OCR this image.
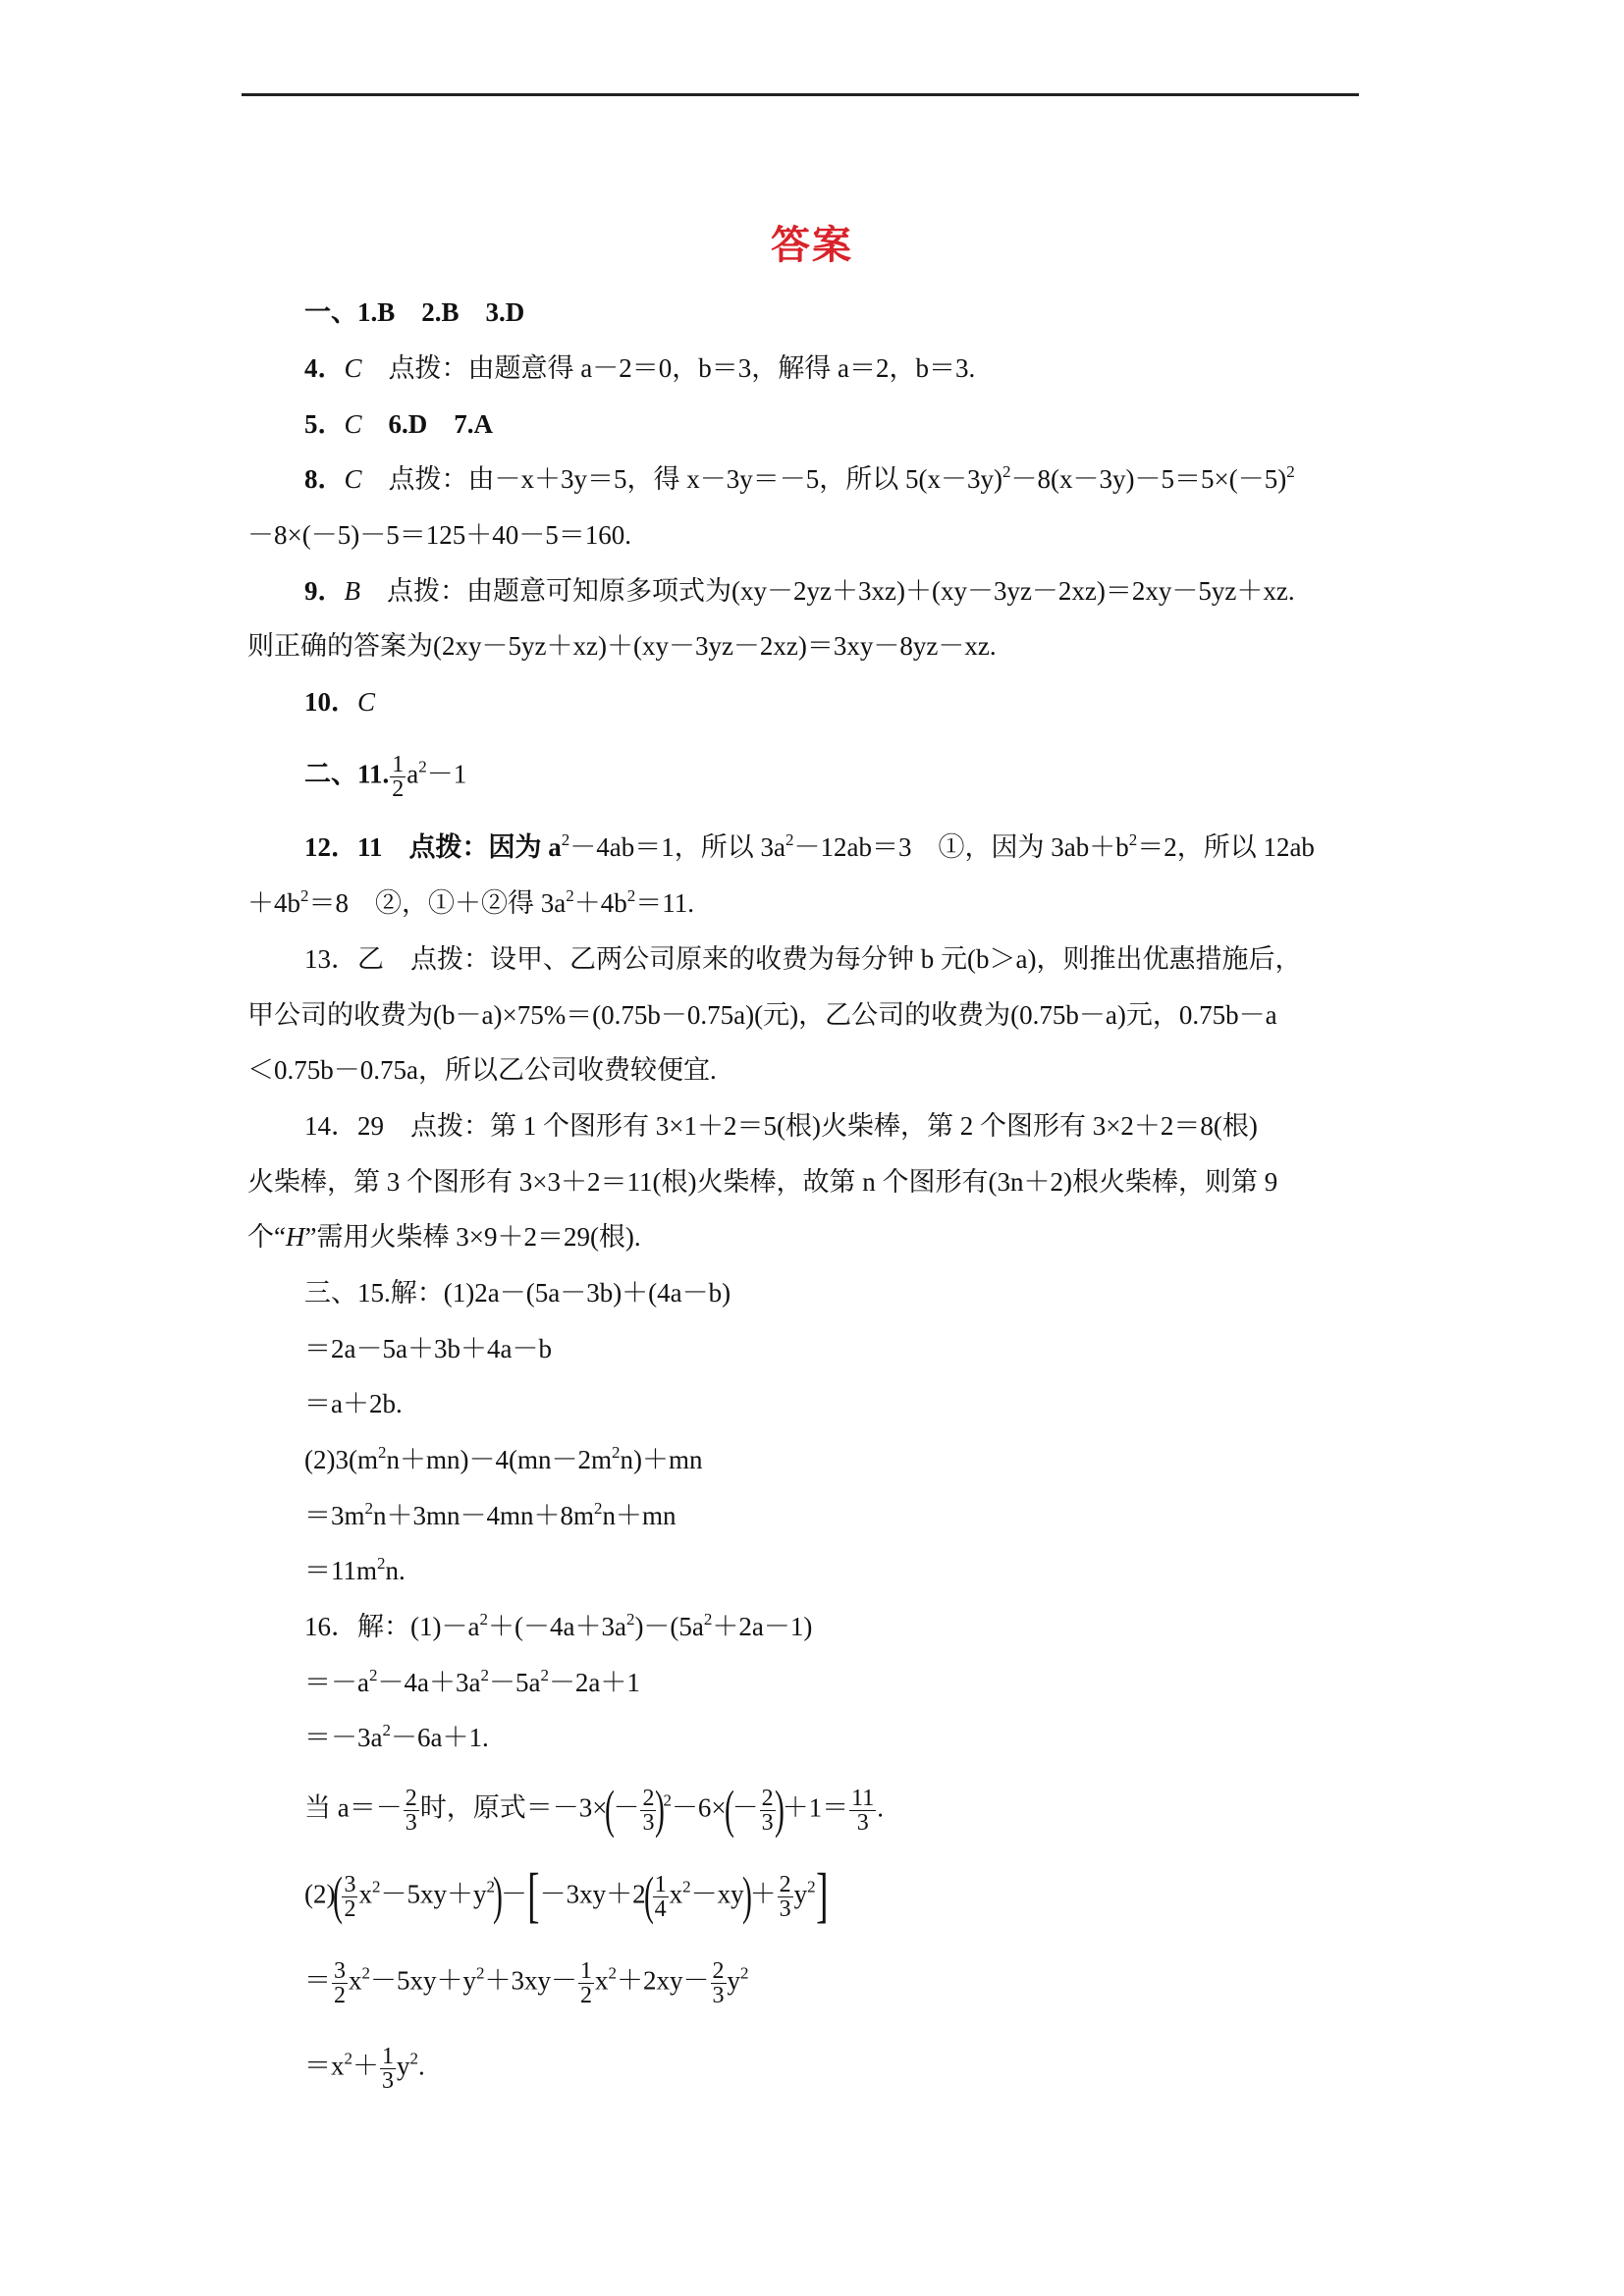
答案
一、1.B　2.B　3.D
4．C　点拨：由题意得 a－2＝0，b＝3，解得 a＝2，b＝3.
5．C　6.D　7.A
8．C　点拨：由－x＋3y＝5，得 x－3y＝－5，所以 $5(x-3y)^2-8(x-3y)-5=5\times(-5)^2$
－8×(－5)－5＝125＋40－5＝160.
9．B　点拨：由题意可知原多项式为(xy－2yz＋3xz)＋(xy－3yz－2xz)＝2xy－5yz＋xz.
则正确的答案为(2xy－5yz＋xz)＋(xy－3yz－2xz)＝3xy－8yz－xz.
10．C
二、11. $\frac{1}{2} a^2-1$
12．11　点拨：因为 $a^2-4ab=1$，所以 $3a^2-12ab=3$　①，因为 $3ab+b^2=2$，所以 12ab
$+4b^2=8$　②，①＋②得 $3a^2+4b^2=11$.
13．乙　点拨：设甲、乙两公司原来的收费为每分钟 b 元(b＞a)，则推出优惠措施后，
甲公司的收费为(b－a)×75%＝(0.75b－0.75a)(元)，乙公司的收费为(0.75b－a)元，0.75b－a
＜0.75b－0.75a，所以乙公司收费较便宜.
14．29　点拨：第 1 个图形有 3×1＋2＝5(根)火柴棒，第 2 个图形有 3×2＋2＝8(根)
火柴棒，第 3 个图形有 3×3＋2＝11(根)火柴棒，故第 n 个图形有(3n＋2)根火柴棒，则第 9
个“H”需用火柴棒 3×9＋2＝29(根).
三、15.解：(1)2a－(5a－3b)＋(4a－b)
＝2a－5a＋3b＋4a－b
＝a＋2b.
$(2)3(m^2n+mn)-4(mn-2m^2n)+mn$
$=3m^2n+3mn-4mn+8m^2n+mn$
$=11m^2n$.
16．解：$(1)-a^2+(-4a+3a^2)-(5a^2+2a-1)$
$=-a^2-4a+3a^2-5a^2-2a+1$
$=-3a^2-6a+1$.
当 $a=- \frac{2}{3}$ 时，原式$=-3\times(- \frac{2}{3} )^2-6\times(- \frac{2}{3} )+1= \frac{11}{3}$ .
$(2)( \frac{3}{2} x^2-5xy+y^2)-[-3xy+2( \frac{1}{4} x^2-xy)+ \frac{2}{3} y^2]$
＝ $\frac{3}{2} x^2-5xy+y^2+3xy- \frac{1}{2} x^2+2xy- \frac{2}{3} y^2$
$=x^2+ \frac{1}{3} y^2$.
